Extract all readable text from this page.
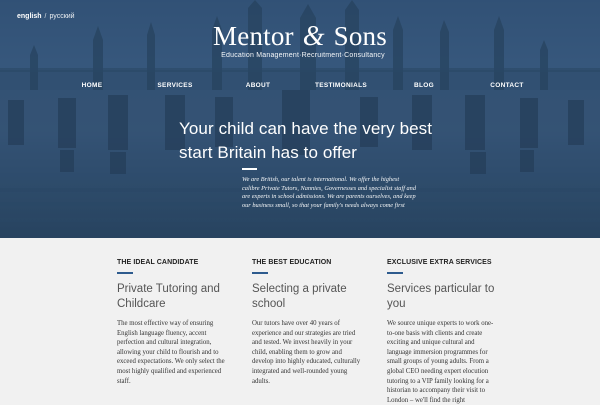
english / русский
Mentor & Sons
Education Management·Recruitment·Consultancy
HOME	SERVICES	ABOUT	TESTIMONIALS	BLOG	CONTACT
Your child can have the very best
start Britain has to offer
We are British, our talent is international. We offer the highest calibre Private Tutors, Nannies, Governesses and specialist staff and are experts in school admissions. We are parents ourselves, and keep our business small, so that your family's needs always come first
THE IDEAL CANDIDATE
Private Tutoring and Childcare

The most effective way of ensuring English language fluency, accent perfection and cultural integration, allowing your child to flourish and to exceed expectations. We only select the most highly qualified and experienced staff.

THE BEST EDUCATION
Selecting a private school

Our tutors have over 40 years of experience and our strategies are tried and tested. We invest heavily in your child, enabling them to grow and develop into highly educated, culturally integrated and well-rounded young adults.

EXCLUSIVE EXTRA SERVICES
Services particular to you

We source unique experts to work one-to-one basis with clients and create exciting and unique cultural and language immersion programmes for small groups of young adults. From a global CEO needing expert elocution tutoring to a VIP family looking for a historian to accompany their visit to London – we'll find the right
